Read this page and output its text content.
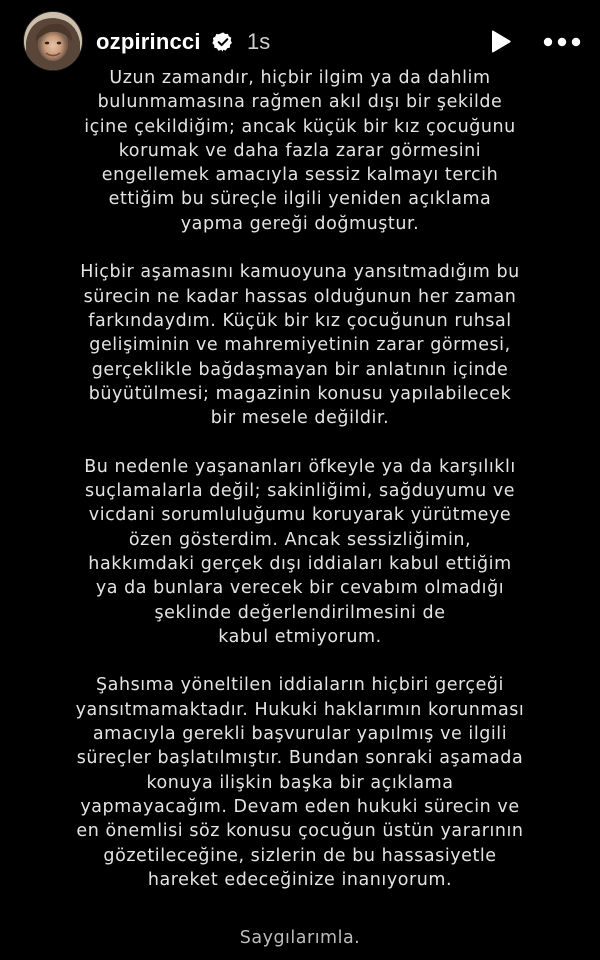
ozpirincci 1s

Uzun zamandır, hiçbir ilgim ya da dahlim
bulunmamasına rağmen akıl dışı bir şekilde
içine çekildiğim; ancak küçük bir kız çocuğunu
korumak ve daha fazla zarar görmesini
engellemek amacıyla sessiz kalmayı tercih
ettiğim bu süreçle ilgili yeniden açıklama
yapma gereği doğmuştur.

Hiçbir aşamasını kamuoyuna yansıtmadığım bu
sürecin ne kadar hassas olduğunun her zaman
farkındaydım. Küçük bir kız çocuğunun ruhsal
gelişiminin ve mahremiyetinin zarar görmesi,
gerçeklikle bağdaşmayan bir anlatının içinde
büyütülmesi; magazinin konusu yapılabilecek
bir mesele değildir.

Bu nedenle yaşananları öfkeyle ya da karşılıklı
suçlamalarla değil; sakinliğimi, sağduyumu ve
vicdani sorumluluğumu koruyarak yürütmeye
özen gösterdim. Ancak sessizliğimin,
hakkımdaki gerçek dışı iddiaları kabul ettiğim
ya da bunlara verecek bir cevabım olmadığı
şeklinde değerlendirilmesini de
kabul etmiyorum.

Şahsıma yöneltilen iddiaların hiçbiri gerçeği
yansıtmamaktadır. Hukuki haklarımın korunması
amacıyla gerekli başvurular yapılmış ve ilgili
süreçler başlatılmıştır. Bundan sonraki aşamada
konuya ilişkin başka bir açıklama
yapmayacağım. Devam eden hukuki sürecin ve
en önemlisi söz konusu çocuğun üstün yararının
gözetileceğine, sizlerin de bu hassasiyetle
hareket edeceğinize inanıyorum.

Saygılarımla.
